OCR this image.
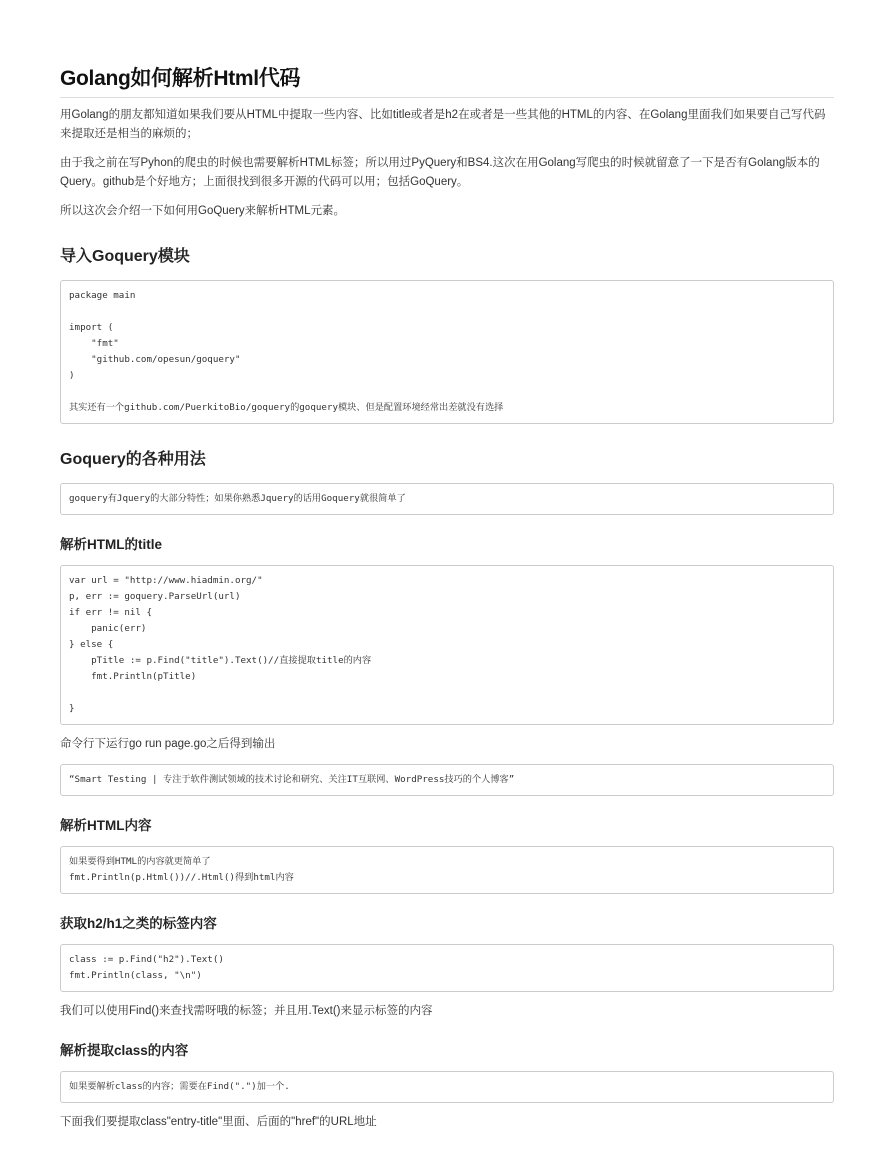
Golang如何解析Html代码

用Golang的朋友都知道如果我们要从HTML中提取一些内容、比如title或者是h2在或者是一些其他的HTML的内容、在Golang里面我们如果要自己写代码来提取还是相当的麻烦的；

由于我之前在写Pyhon的爬虫的时候也需要解析HTML标签；所以用过PyQuery和BS4.这次在用Golang写爬虫的时候就留意了一下是否有Golang版本的Query。github是个好地方；上面很找到很多开源的代码可以用；包括GoQuery。

所以这次会介绍一下如何用GoQuery来解析HTML元素。

导入Goquery模块
package main

import (
"fmt"
"github.com/opesun/goquery"
)

其实还有一个github.com/PuerkitoBio/goquery的goquery模块、但是配置环境经常出差就没有选择
Goquery的各种用法
goquery有Jquery的大部分特性；如果你熟悉Jquery的话用Goquery就很简单了
解析HTML的title
var url = "http://www.hiadmin.org/"
p, err := goquery.ParseUrl(url)
if err != nil {
panic(err)
} else {
pTitle := p.Find("title").Text()//直接提取title的内容
fmt.Println(pTitle)

}

命令行下运行go run page.go之后得到输出

“Smart Testing | 专注于软件测试领域的技术讨论和研究、关注IT互联网、WordPress技巧的个人博客”
解析HTML内容
如果要得到HTML的内容就更简单了
fmt.Println(p.Html())//.Html()得到html内容
获取h2/h1之类的标签内容
class := p.Find("h2").Text()
fmt.Println(class, "\n")

我们可以使用Find()来查找需呀哦的标签；并且用.Text()来显示标签的内容

解析提取class的内容
如果要解析class的内容；需要在Find(".")加一个.

下面我们要提取class"entry-title"里面、后面的"href"的URL地址
